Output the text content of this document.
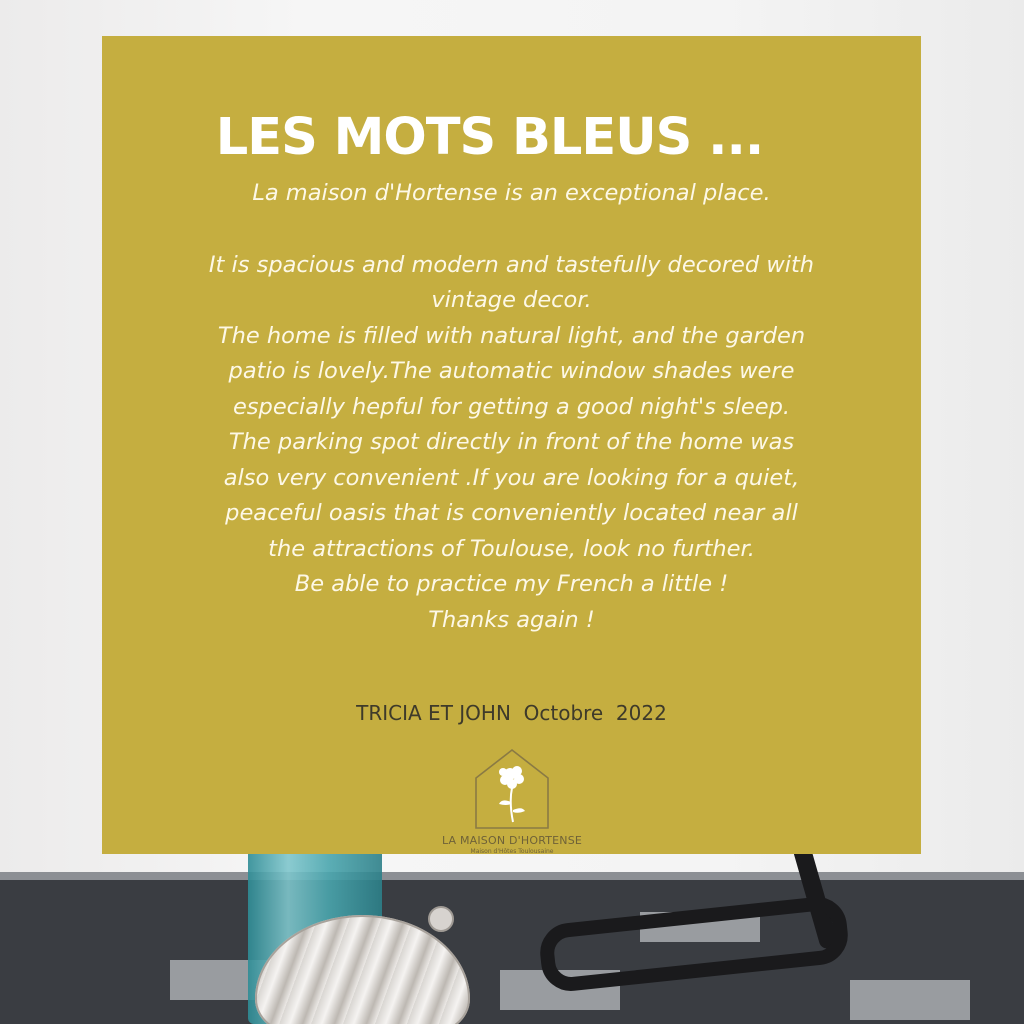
LES MOTS BLEUS ...
La maison d'Hortense is an exceptional place.
It is spacious and modern and tastefully decored with
vintage decor.
The home is filled with natural light, and the garden
patio is lovely.The automatic window shades were
especially hepful for getting a good night's sleep.
The parking spot directly in front of the home was
also very convenient .If you are looking for a quiet,
peaceful oasis that is conveniently located near all
the attractions of Toulouse, look no further.
Be able to practice my French a little !
Thanks again !
TRICIA ET JOHN  Octobre  2022
LA MAISON D'HORTENSE
Maison d'Hôtes Toulousaine
